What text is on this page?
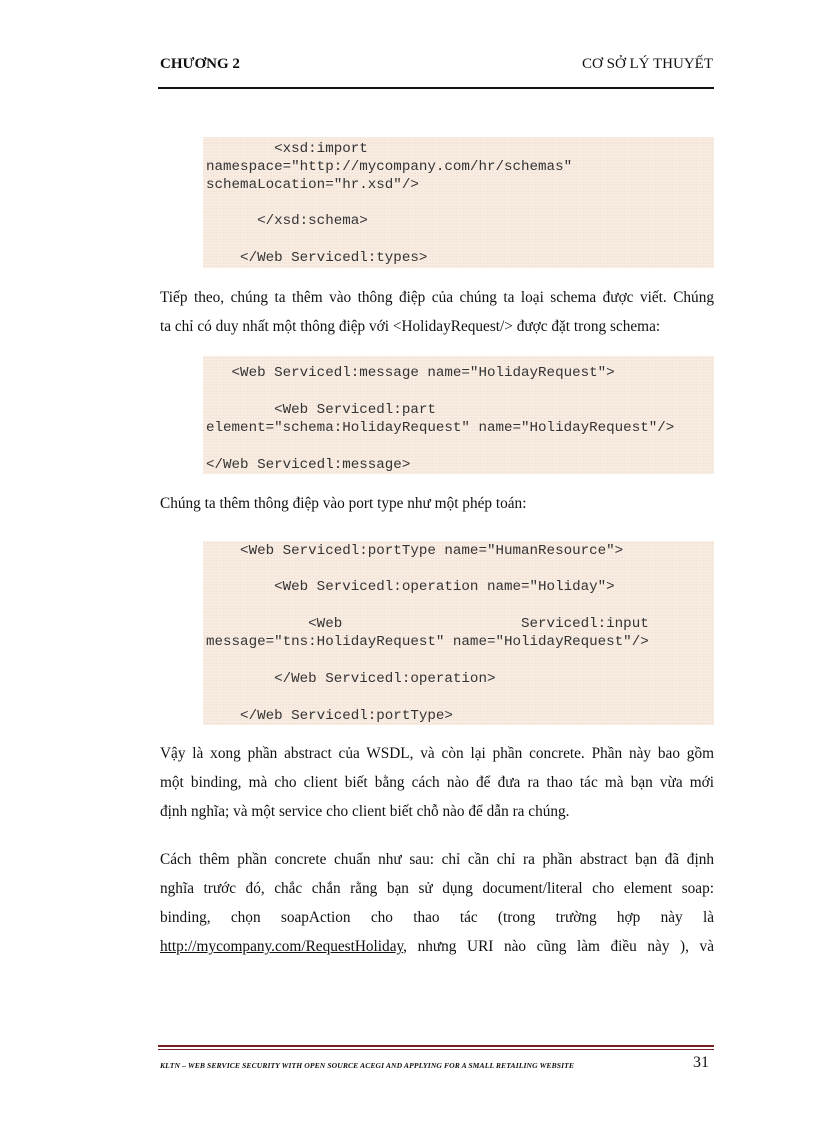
CHƯƠNG 2	CƠ SỞ LÝ THUYẾT
<xsd:import
namespace="http://mycompany.com/hr/schemas"
schemaLocation="hr.xsd"/>
</xsd:schema>
</Web Servicedl:types>
Tiếp theo, chúng ta thêm vào thông điệp của chúng ta loại schema được viết. Chúng
ta chỉ có duy nhất một thông điệp với <HolidayRequest/> được đặt trong schema:
<Web Servicedl:message name="HolidayRequest">
<Web Servicedl:part
element="schema:HolidayRequest" name="HolidayRequest"/>
</Web Servicedl:message>
Chúng ta thêm thông điệp vào port type như một phép toán:
<Web Servicedl:portType name="HumanResource">
<Web Servicedl:operation name="Holiday">
<Web                     Servicedl:input
message="tns:HolidayRequest" name="HolidayRequest"/>
</Web Servicedl:operation>
</Web Servicedl:portType>
Vậy là xong phần abstract của WSDL, và còn lại phần concrete. Phần này bao gồm
một binding, mà cho client biết bằng cách nào để đưa ra thao tác mà bạn vừa mới
định nghĩa; và một service cho client biết chỗ nào để dẫn ra chúng.
Cách thêm phần concrete chuẩn như sau: chỉ cần chỉ ra phần abstract bạn đã định
nghĩa trước đó, chắc chắn rằng bạn sử dụng document/literal cho element soap:
binding, chọn soapAction cho thao tác (trong trường hợp này là
http://mycompany.com/RequestHoliday, nhưng URI nào cũng làm điều này ), và
KLTN – WEB SERVICE SECURITY WITH OPEN SOURCE ACEGI AND APPLYING FOR A SMALL RETAILING WEBSITE	31
